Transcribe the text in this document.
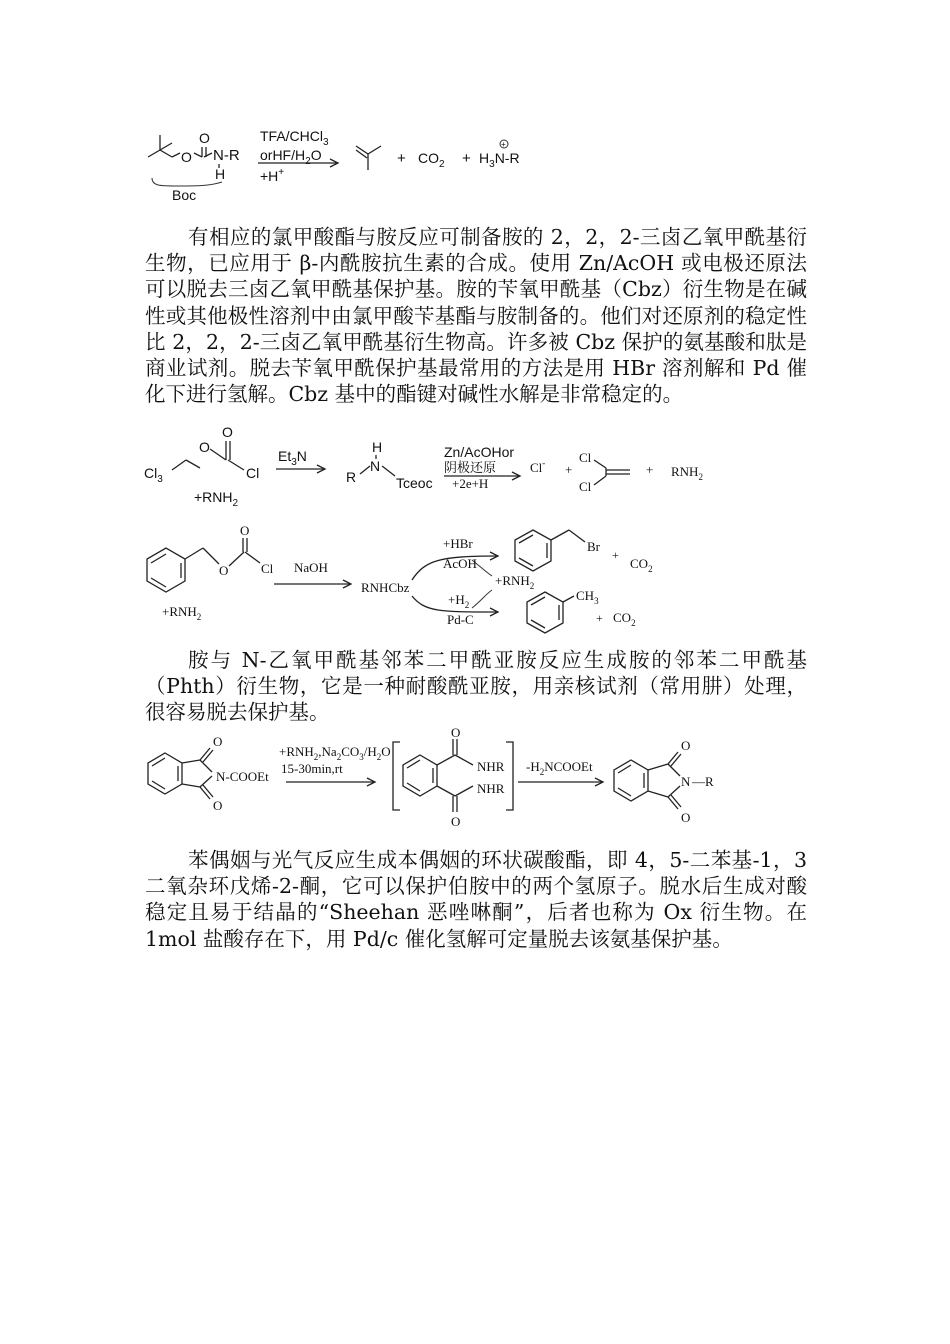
O
O
N-R
H
Boc
TFA/CHCl$_3$
orHF/$H_2O$
+H+
+ $CO_2 + H_3N-R$
+

有相应的氯甲酸酯与胺反应可制备胺的 2，2，2-三卤乙氧甲酰基衍生物，已应用于 β-内酰胺抗生素的合成。使用 Zn/AcOH 或电极还原法可以脱去三卤乙氧甲酰基保护基。胺的苄氧甲酰基（Cbz）衍生物是在碱性或其他极性溶剂中由氯甲酸苄基酯与胺制备的。他们对还原剂的稳定性比 2，2，2-三卤乙氧甲酰基衍生物高。许多被 Cbz 保护的氨基酸和肽是商业试剂。脱去苄氧甲酰保护基最常用的方法是用 HBr 溶剂解和 Pd 催化下进行氢解。Cbz 基中的酯键对碱性水解是非常稳定的。

$Cl_3$
O
O
Cl
$+RNH_2$
$Et_3N$
H
N
R	Tceoc
Zn/AcOHor
阴极还原
+2e+H
Cl- +
Cl
Cl
+ $RNH_2$
O
O
Cl
$+RNH_2$
NaOH
RNHCbz
+HBr
AcOH
$+H_2$
Pd-C
$+RNH_2$
Br
+
$CO_2$
$CH_3$
+ $CO_2$

胺与 N-乙氧甲酰基邻苯二甲酰亚胺反应生成胺的邻苯二甲酰基（Phth）衍生物，它是一种耐酸酰亚胺，用亲核试剂（常用肼）处理，很容易脱去保护基。

O
O
N-COOEt
$+RNH_2,Na_2CO_3/H_2O$
15-30min,rt
O
O
NHR
NHR
$-H_2NCOOEt$
O
O
N —R

苯偶姻与光气反应生成本偶姻的环状碳酸酯，即 4，5-二苯基-1，3 二氧杂环戊烯-2-酮，它可以保护伯胺中的两个氢原子。脱水后生成对酸稳定且易于结晶的“Sheehan 恶唑啉酮”，后者也称为 Ox 衍生物。在 1mol 盐酸存在下，用 Pd/c 催化氢解可定量脱去该氨基保护基。
